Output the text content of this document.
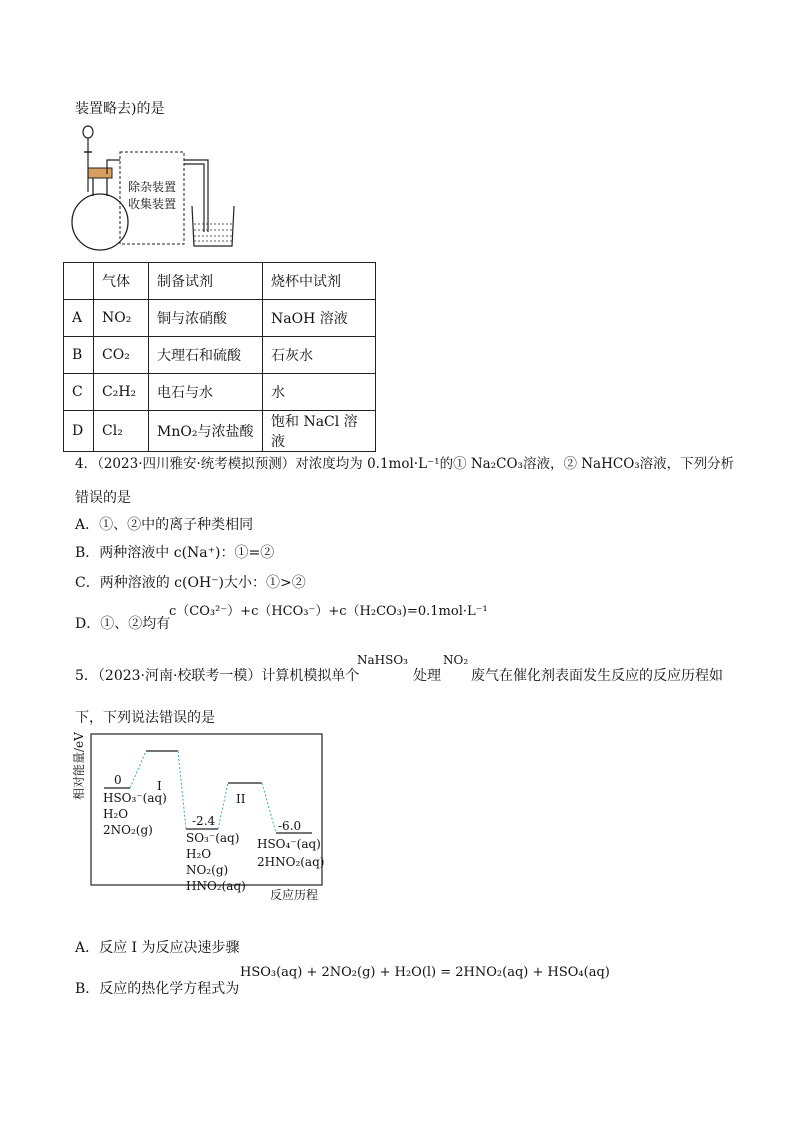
装置略去)的是
除杂装置
收集装置
	气体	制备试剂	烧杯中试剂
A	NO₂	铜与浓硝酸	NaOH 溶液
B	CO₂	大理石和硫酸	石灰水
C	C₂H₂	电石与水	水
D	Cl₂	MnO₂与浓盐酸	饱和 NaCl 溶液
4．（2023·四川雅安·统考模拟预测）对浓度均为 0.1mol·L⁻¹的① Na₂CO₃溶液，② NaHCO₃溶液，下列分析
错误的是
A．①、②中的离子种类相同
B．两种溶液中 c(Na⁺)：①=②
C．两种溶液的 c(OH⁻)大小：①>②
D．①、②均有
c（CO₃²⁻）+c（HCO₃⁻）+c（H₂CO₃)=0.1mol·L⁻¹
5．（2023·河南·校联考一模）计算机模拟单个
NaHSO₃
处理
NO₂
废气在催化剂表面发生反应的反应历程如
下，下列说法错误的是
相对能量/eV
反应历程
0
HSO₃⁻(aq)
H₂O
2NO₂(g)
I
-2.4
SO₃⁻(aq)
H₂O
NO₂(g)
HNO₂(aq)
II
-6.0
HSO₄⁻(aq)
2HNO₂(aq)
A．反应 I 为反应决速步骤
B．反应的热化学方程式为
HSO₃(aq) + 2NO₂(g) + H₂O(l) = 2HNO₂(aq) + HSO₄(aq)
